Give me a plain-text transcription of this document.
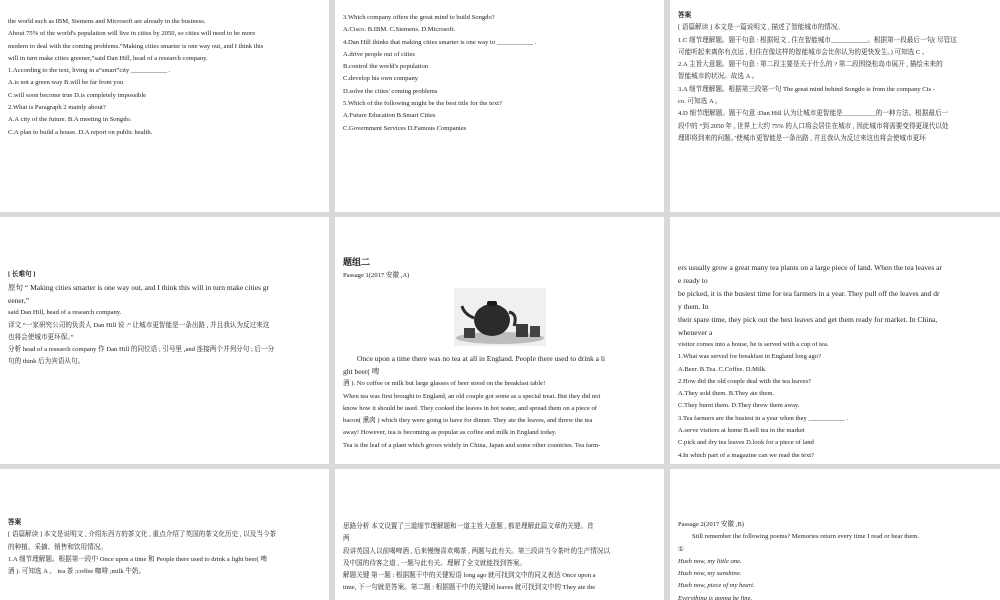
the world such as IBM, Siemens and Microsoft are already in the business.

About 75% of the world's population will live in cities by 2050, so cities will need to be more

modern to deal with the coming problems.“Making cities smarter is one way out, and I think this

will in turn make cities greener,”said Dan Hill, head of a research company.

1.According to the text, living in a“smart”city ___________ .

A.is not a green way B.will be far from you

C.will soon become true D.is completely impossible

2.What is Paragraph 2 mainly about?

A.A city of the future. B.A meeting in Songdo.

C.A plan to build a house. D.A report on public health.

3.Which company offers the great mind to build Songdo?

A.Cisco. B.IBM. C.Siemens. D.Microsoft.

4.Dan Hill thinks that making cities smarter is one way to ___________ .

A.drive people out of cities

B.control the world's population

C.develop his own company

D.solve the cities' coming problems

5.Which of the following might be the best title for the text?

A.Future Education B.Smart Cities

C.Government Services D.Famous Companies

答案

[ 语篇解读 ] 本文是一篇说明文 , 描述了智能城市的情况。

1.C 细节理解题。题干句意 : 根据短文 , 住在智能城市___________。根据第一段最后一句( 尽管这

可能听起来离你有点远 , 但住在像这样的智能城市会比你认为的更快发生。) 可知选 C 。

2.A 主旨大意题。题干句意 : 第二段主要是关于什么的 ? 第二段围绕松岛市展开 , 描绘未来的

智能城市的状况。故选 A 。

3.A 细节理解题。根据第三段第一句 The great mind behind Songdo is from the company Cis -

co. 可知选 A 。

4.D 细节理解题。题干句意 :Dan Hill 认为让城市更智能是__________的一种方法。根据最后一

段中的 “到 2050 年 , 世界上大约 75% 的人口将会居住在城市 , 因此城市将需要变得更现代以处

理即将到来的问题。’使城市更智能是一条出路 , 并且我认为反过来这也将会使城市更环

[ 长难句 ]

原句 “ Making cities smarter is one way out, and I think this will in turn make cities gr

eener,”

said Dan Hill, head of a research company.

译文 “一家研究公司的负责人 Dan Hill 说 :“ 让城市更智能是一条出路 , 并且我认为反过来这

也将会使城市更环保。”

分析 head of a research company 作 Dan Hill 的同位语 ; 引号里 ,and 连接两个并列分句 ; 后一分

句的 think 后为宾语从句。

题组二

Passage 1(2017 安徽 ,A)

Once upon a time there was no tea at all in England. People there used to drink a li

ght beer( 啤

酒 ). No coffee or milk but large glasses of beer stood on the breakfast table!

When tea was first brought to England, an old couple got some as a special treat. But they did not

know how it should be used. They cooked the leaves in hot water, and spread them on a piece of

bacon( 熏肉 ) which they were going to have for dinner. They ate the leaves, and threw the tea

away! However, tea is becoming as popular as coffee and milk in England today.

Tea is the leaf of a plant which grows widely in China, Japan and some other countries. Tea farm-

ers usually grow a great many tea plants on a large piece of land. When the tea leaves ar

e ready to

be picked, it is the busiest time for tea farmers in a year. They pull off the leaves and dr

y them. In

their spare time, they pick out the best leaves and get them ready for market. In China,

whenever a

visitor comes into a house, he is served with a cup of tea.

1.What was served for breakfast in England long ago?

A.Beer. B.Tea. C.Coffee. D.Milk.

2.How did the old couple deal with the tea leaves?

A.They sold them. B.They ate them.

C.They burnt them. D.They threw them away.

3.Tea farmers are the busiest in a year when they ___________ .

A.serve visitors at home B.sell tea in the market

C.pick and dry tea leaves D.look for a piece of land

4.In which part of a magazine can we read the text?

答案

[ 语篇解读 ] 本文是说明文 , 介绍东西方的茶文化 , 重点介绍了英国的茶文化历史 , 以及当今茶

的种植、采摘、销售和饮用情况。

1.A 细节理解题。根据第一段中 Once upon a time 和 People there used to drink a light beer( 啤

酒 ). 可知选 A 。 tea 茶 ;coffee 咖啡 ;milk 牛奶。

思路分析 本文设置了三道细节理解题和一道主旨大意题 , 都是理解此篇文章的关键。首

两

段讲英国人以前喝啤酒 , 后来慢慢喜欢喝茶 , 两题与此有关。第三段讲当今茶叶的生产情况以

及中国的待客之道 , 一题与此有关。理解了全文就能找到答案。

解题关键 第一题 : 根据题干中的关键短语 long ago 就可找到文中的同义表达 Once upon a

time, 下一句就是答案。第二题 : 根据题干中的关键词 leaves 就可找到文中的 They ate the

Passage 2(2017 安徽 ,B)

Still remember the following poems? Memories return every time I read or hear them.

①

Hush now, my little one.

Hush now, my sunshine.

Hush now, piece of my heart.

Everything is gonna be fine.
